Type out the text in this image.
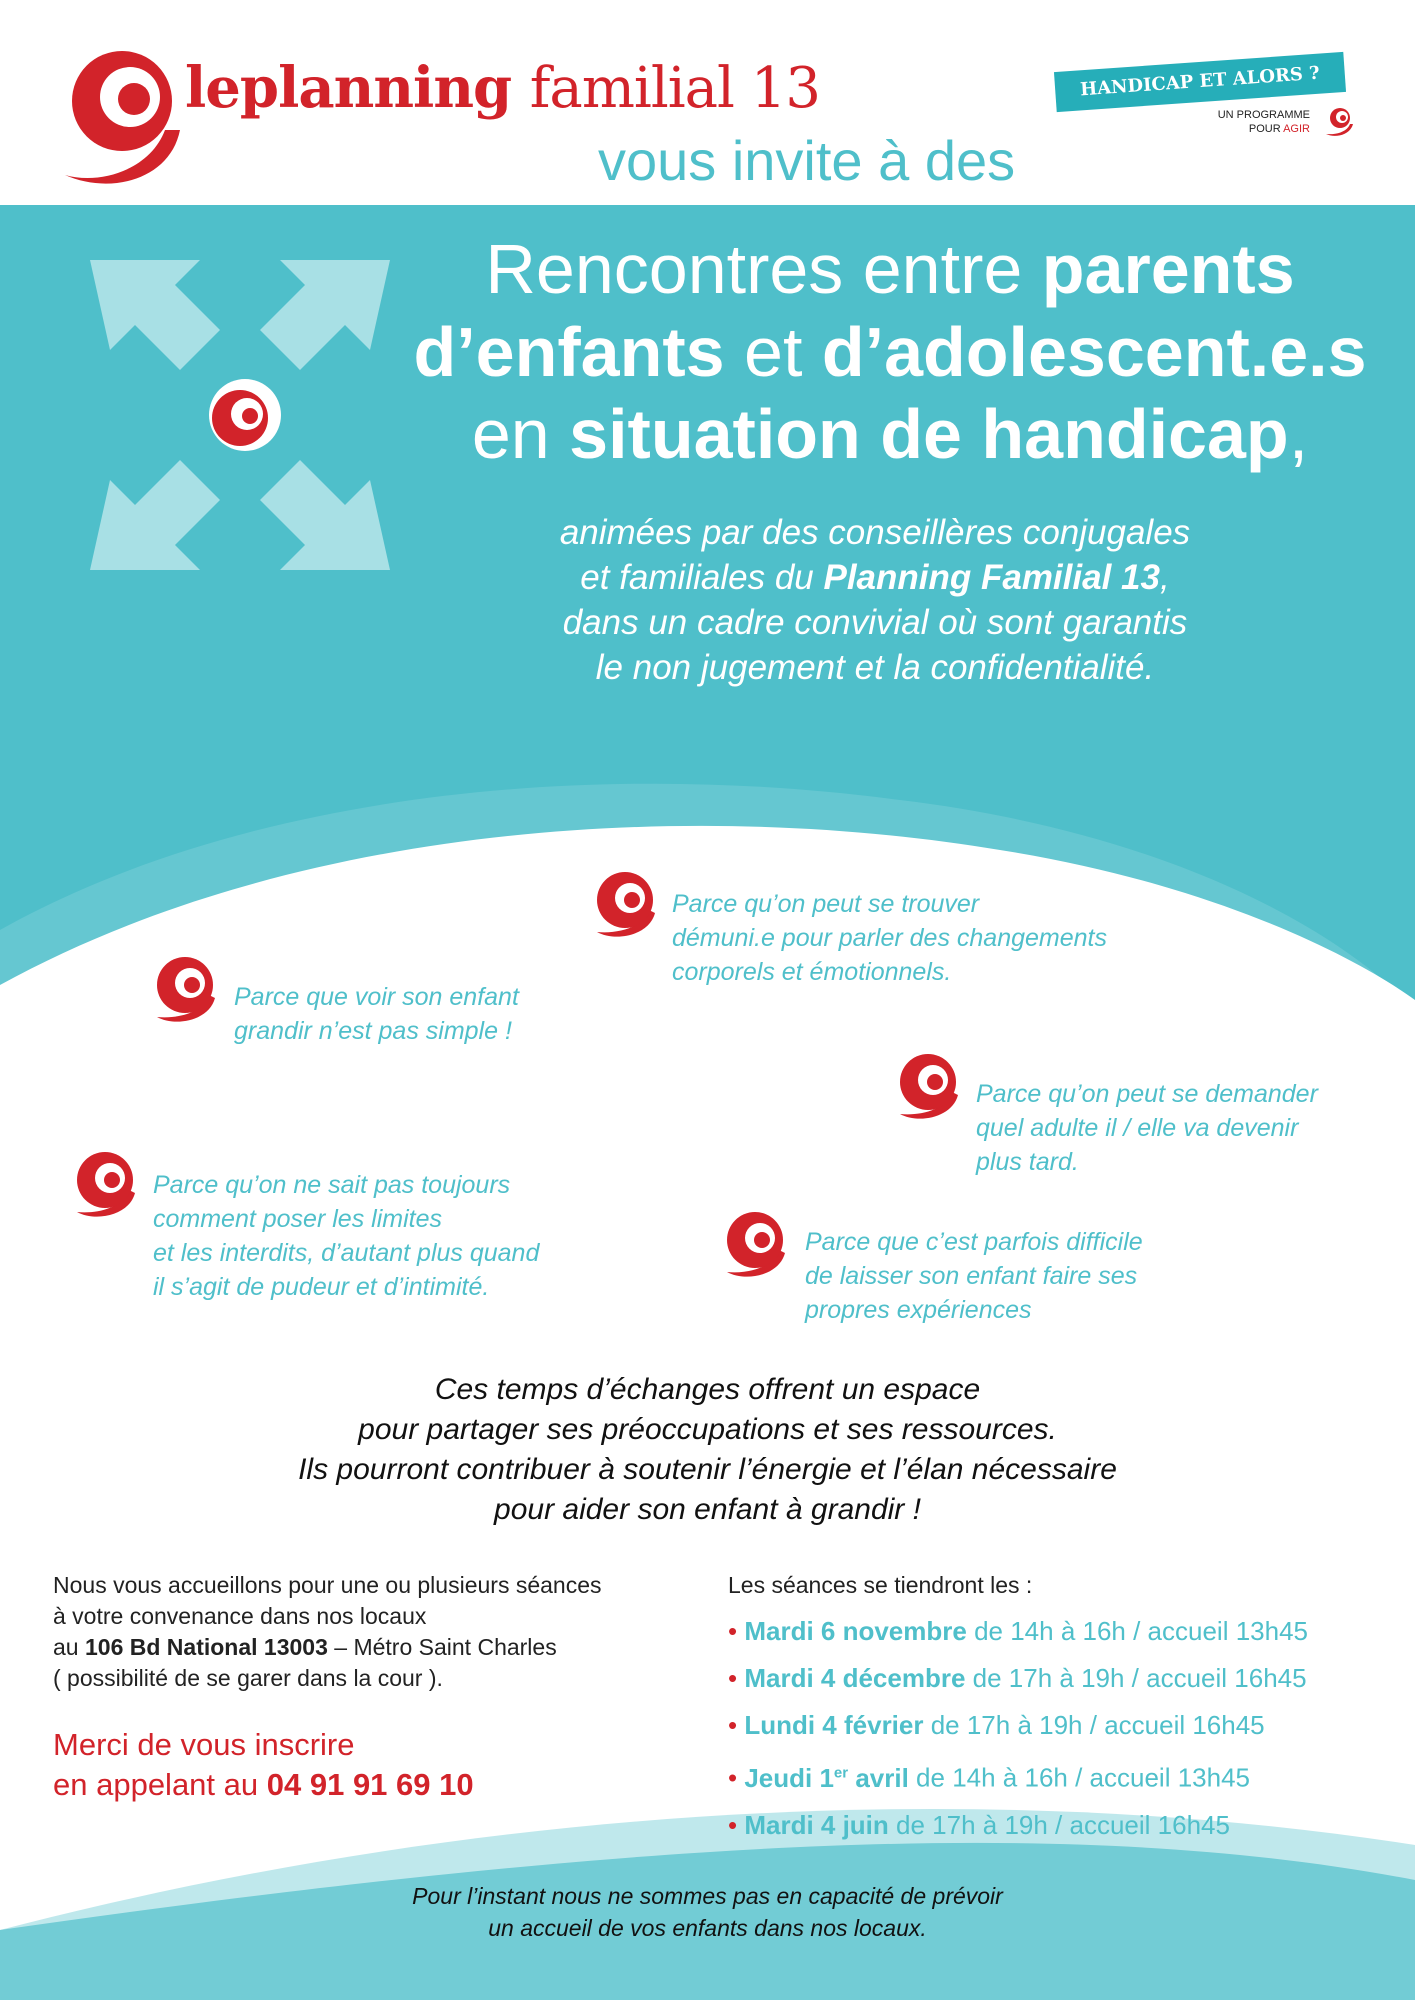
leplanning familial 13
vous invite à des
HANDICAP ET ALORS ?
UN PROGRAMME
POUR AGIR
Rencontres entre parents
d’enfants et d’adolescent.e.s
en situation de handicap,
animées par des conseillères conjugales
et familiales du Planning Familial 13,
dans un cadre convivial où sont garantis
le non jugement et la confidentialité.
Parce qu’on peut se trouver
démuni.e pour parler des changements
corporels et émotionnels.
Parce que voir son enfant
grandir n’est pas simple !
Parce qu’on peut se demander
quel adulte il / elle va devenir
plus tard.
Parce qu’on ne sait pas toujours
comment poser les limites
et les interdits, d’autant plus quand
il s’agit de pudeur et d’intimité.
Parce que c’est parfois difficile
de laisser son enfant faire ses
propres expériences
Ces temps d’échanges offrent un espace
pour partager ses préoccupations et ses ressources.
Ils pourront contribuer à soutenir l’énergie et l’élan nécessaire
pour aider son enfant à grandir !
Nous vous accueillons pour une ou plusieurs séances
à votre convenance dans nos locaux
au 106 Bd National 13003 – Métro Saint Charles
( possibilité de se garer dans la cour ).
Merci de vous inscrire
en appelant au 04 91 91 69 10
Les séances se tiendront les :
• Mardi 6 novembre de 14h à 16h / accueil 13h45
• Mardi 4 décembre de 17h à 19h / accueil 16h45
• Lundi 4 février de 17h à 19h / accueil 16h45
• Jeudi 1er avril de 14h à 16h / accueil 13h45
• Mardi 4 juin de 17h à 19h / accueil 16h45
Pour l’instant nous ne sommes pas en capacité de prévoir
un accueil de vos enfants dans nos locaux.
